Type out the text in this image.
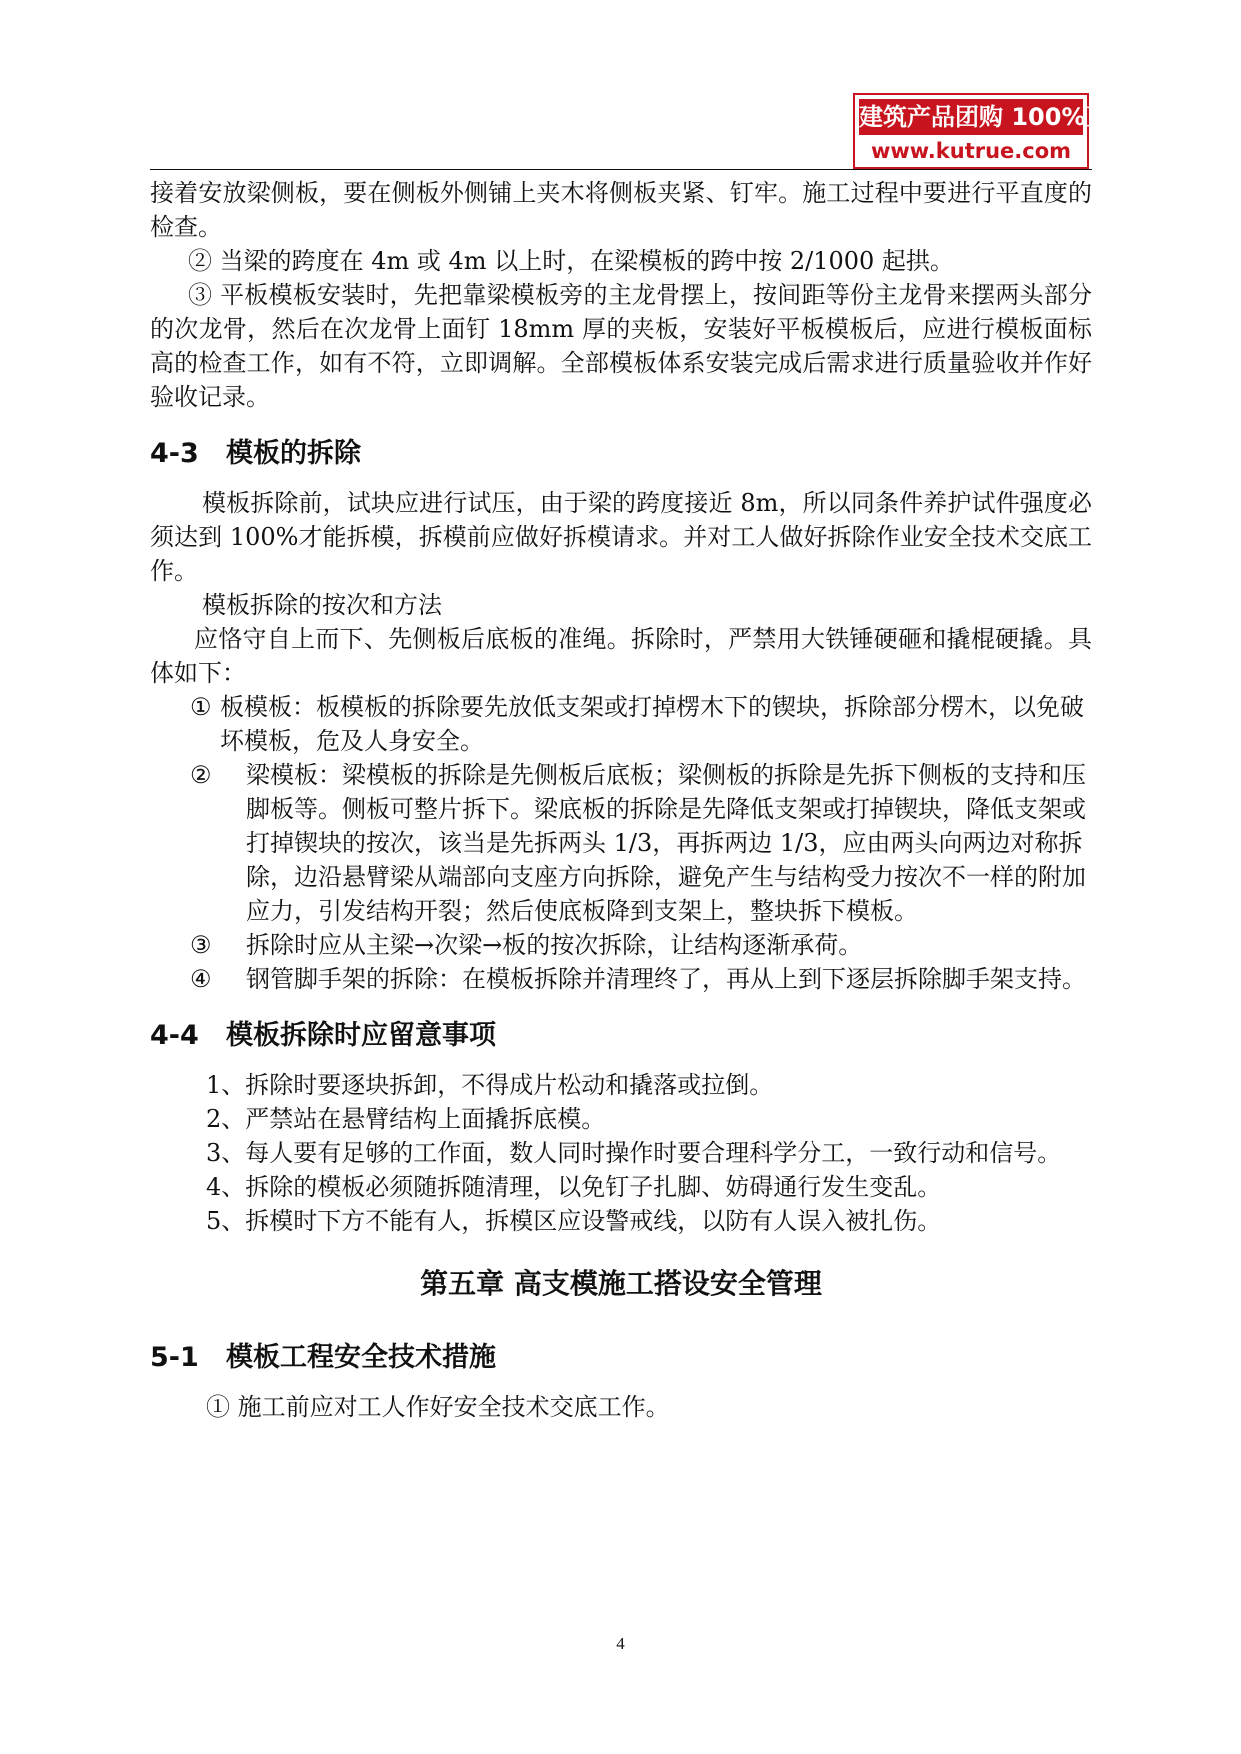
建筑产品团购 100%正品
www.kutrue.com

接着安放梁侧板，要在侧板外侧铺上夹木将侧板夹紧、钉牢。施工过程中要进行平直度的检查。

② 当梁的跨度在 4m 或 4m 以上时，在梁模板的跨中按 2/1000 起拱。

③ 平板模板安装时，先把靠梁模板旁的主龙骨摆上，按间距等份主龙骨来摆两头部分的次龙骨，然后在次龙骨上面钉 18mm 厚的夹板，安装好平板模板后，应进行模板面标高的检查工作，如有不符，立即调解。全部模板体系安装完成后需求进行质量验收并作好验收记录。

4-3	模板的拆除

模板拆除前，试块应进行试压，由于梁的跨度接近 8m，所以同条件养护试件强度必须达到 100%才能拆模，拆模前应做好拆模请求。并对工人做好拆除作业安全技术交底工作。

模板拆除的按次和方法

应恪守自上而下、先侧板后底板的准绳。拆除时，严禁用大铁锤硬砸和撬棍硬撬。具体如下：

① 板模板：板模板的拆除要先放低支架或打掉楞木下的锲块，拆除部分楞木，以免破坏模板，危及人身安全。
②	梁模板：梁模板的拆除是先侧板后底板；梁侧板的拆除是先拆下侧板的支持和压脚板等。侧板可整片拆下。梁底板的拆除是先降低支架或打掉锲块，降低支架或打掉锲块的按次，该当是先拆两头 1/3，再拆两边 1/3，应由两头向两边对称拆除，边沿悬臂梁从端部向支座方向拆除，避免产生与结构受力按次不一样的附加应力，引发结构开裂；然后使底板降到支架上，整块拆下模板。
③	拆除时应从主梁→次梁→板的按次拆除，让结构逐渐承荷。
④	钢管脚手架的拆除：在模板拆除并清理终了，再从上到下逐层拆除脚手架支持。
4-4	模板拆除时应留意事项

1、拆除时要逐块拆卸，不得成片松动和撬落或拉倒。

2、严禁站在悬臂结构上面撬拆底模。

3、每人要有足够的工作面，数人同时操作时要合理科学分工，一致行动和信号。

4、拆除的模板必须随拆随清理，以免钉子扎脚、妨碍通行发生变乱。

5、拆模时下方不能有人，拆模区应设警戒线，以防有人误入被扎伤。

第五章 高支模施工搭设安全管理
5-1	模板工程安全技术措施

① 施工前应对工人作好安全技术交底工作。

4
